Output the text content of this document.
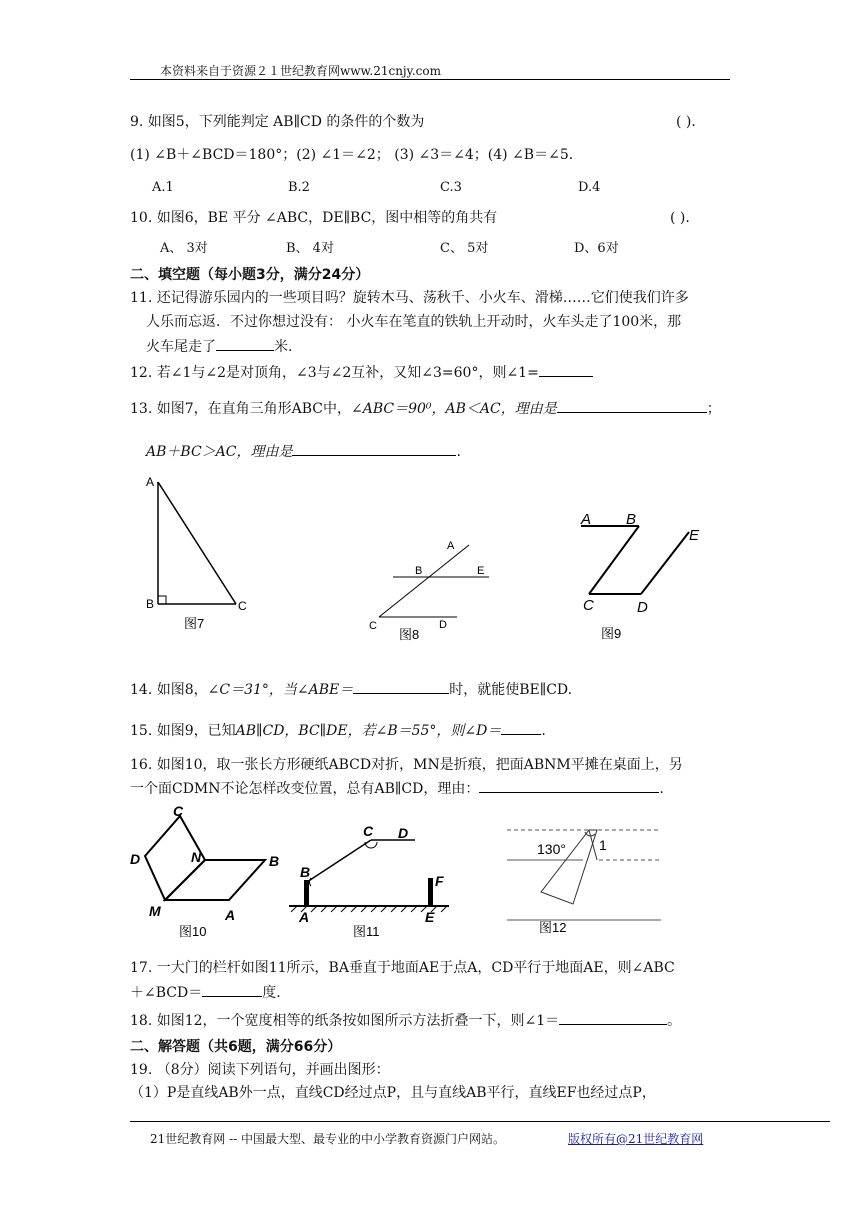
本资料来自于资源２１世纪教育网www.21cnjy.com
9. 如图5，下列能判定 AB∥CD 的条件的个数为	( ).
(1) ∠B＋∠BCD＝180°；(2) ∠1＝∠2； (3) ∠3＝∠4；(4) ∠B＝∠5．
A.1	B.2	C.3	D.4
10. 如图6，BE 平分 ∠ABC，DE∥BC，图中相等的角共有	( ).
A、 3对	B、 4对	C、 5对	D、6对
二、填空题（每小题3分，满分24分）
11. 还记得游乐园内的一些项目吗？旋转木马、荡秋千、小火车、滑梯……它们使我们许多
人乐而忘返．不过你想过没有： 小火车在笔直的铁轨上开动时，火车头走了100米，那
火车尾走了	米.
12. 若∠1与∠2是对顶角，∠3与∠2互补，又知∠3=60°，则∠1=
13. 如图7，在直角三角形ABC中，∠ABC＝90⁰，AB＜AC，理由是	；
AB＋BC＞AC，理由是	.
A
B	C
图7
A
B	E
C	D
图8
A B
E
C	D
图9
14. 如图8，∠C＝31°，当∠ABE＝	时，就能使BE∥CD.
15. 如图9，已知AB∥CD，BC∥DE，若∠B＝55°，则∠D＝	.
16. 如图10，取一张长方形硬纸ABCD对折，MN是折痕，把面ABNM平摊在桌面上，另
一个面CDMN不论怎样改变位置，总有AB∥CD，理由：	.
C
D	N	B
M	A
图10
C D
B
F
A	E
图11
130° 1
图12
17. 一大门的栏杆如图11所示，BA垂直于地面AE于点A，CD平行于地面AE，则∠ABC
＋∠BCD＝	度.
18. 如图12，一个宽度相等的纸条按如图所示方法折叠一下，则∠1＝	。
二、解答题（共6题，满分66分）
19. （8分）阅读下列语句，并画出图形：
（1）P是直线AB外一点，直线CD经过点P，且与直线AB平行，直线EF也经过点P，
21世纪教育网 -- 中国最大型、最专业的中小学教育资源门户网站。	版权所有@21世纪教育网
